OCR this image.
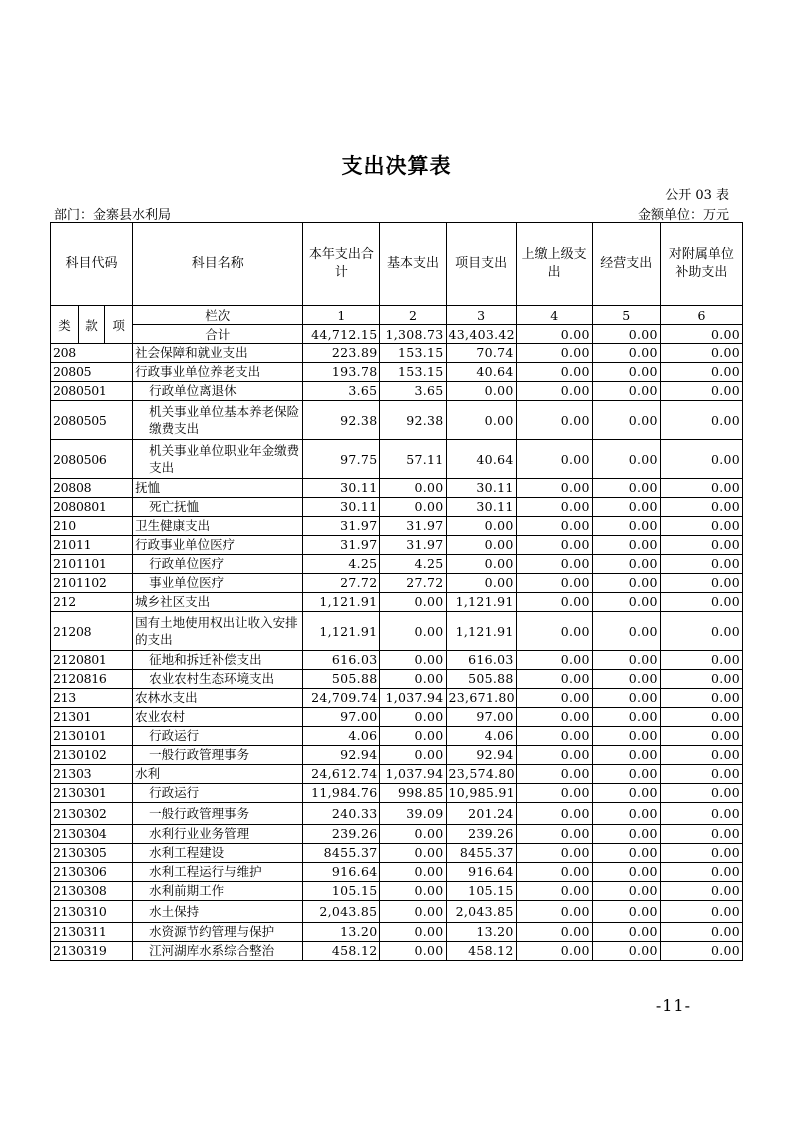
支出决算表
公开 03 表
部门：金寨县水利局	金额单位：万元
科目代码			科目名称	本年支出合计	基本支出	项目支出	上缴上级支出	经营支出	对附属单位补助支出
类	款	项	栏次	1	2	3	4	5	6
			合计	44,712.15	1,308.73	43,403.42	0.00	0.00	0.00
208			社会保障和就业支出	223.89	153.15	70.74	0.00	0.00	0.00
20805			行政事业单位养老支出	193.78	153.15	40.64	0.00	0.00	0.00
2080501			行政单位离退休	3.65	3.65	0.00	0.00	0.00	0.00
2080505			机关事业单位基本养老保险缴费支出	92.38	92.38	0.00	0.00	0.00	0.00
2080506			机关事业单位职业年金缴费支出	97.75	57.11	40.64	0.00	0.00	0.00
20808			抚恤	30.11	0.00	30.11	0.00	0.00	0.00
2080801			死亡抚恤	30.11	0.00	30.11	0.00	0.00	0.00
210			卫生健康支出	31.97	31.97	0.00	0.00	0.00	0.00
21011			行政事业单位医疗	31.97	31.97	0.00	0.00	0.00	0.00
2101101			行政单位医疗	4.25	4.25	0.00	0.00	0.00	0.00
2101102			事业单位医疗	27.72	27.72	0.00	0.00	0.00	0.00
212			城乡社区支出	1,121.91	0.00	1,121.91	0.00	0.00	0.00
21208			国有土地使用权出让收入安排的支出	1,121.91	0.00	1,121.91	0.00	0.00	0.00
2120801			征地和拆迁补偿支出	616.03	0.00	616.03	0.00	0.00	0.00
2120816			农业农村生态环境支出	505.88	0.00	505.88	0.00	0.00	0.00
213			农林水支出	24,709.74	1,037.94	23,671.80	0.00	0.00	0.00
21301			农业农村	97.00	0.00	97.00	0.00	0.00	0.00
2130101			行政运行	4.06	0.00	4.06	0.00	0.00	0.00
2130102			一般行政管理事务	92.94	0.00	92.94	0.00	0.00	0.00
21303			水利	24,612.74	1,037.94	23,574.80	0.00	0.00	0.00
2130301			行政运行	11,984.76	998.85	10,985.91	0.00	0.00	0.00
2130302			一般行政管理事务	240.33	39.09	201.24	0.00	0.00	0.00
2130304			水利行业业务管理	239.26	0.00	239.26	0.00	0.00	0.00
2130305			水利工程建设	8455.37	0.00	8455.37	0.00	0.00	0.00
2130306			水利工程运行与维护	916.64	0.00	916.64	0.00	0.00	0.00
2130308			水利前期工作	105.15	0.00	105.15	0.00	0.00	0.00
2130310			水土保持	2,043.85	0.00	2,043.85	0.00	0.00	0.00
2130311			水资源节约管理与保护	13.20	0.00	13.20	0.00	0.00	0.00
2130319			江河湖库水系综合整治	458.12	0.00	458.12	0.00	0.00	0.00
-11-
